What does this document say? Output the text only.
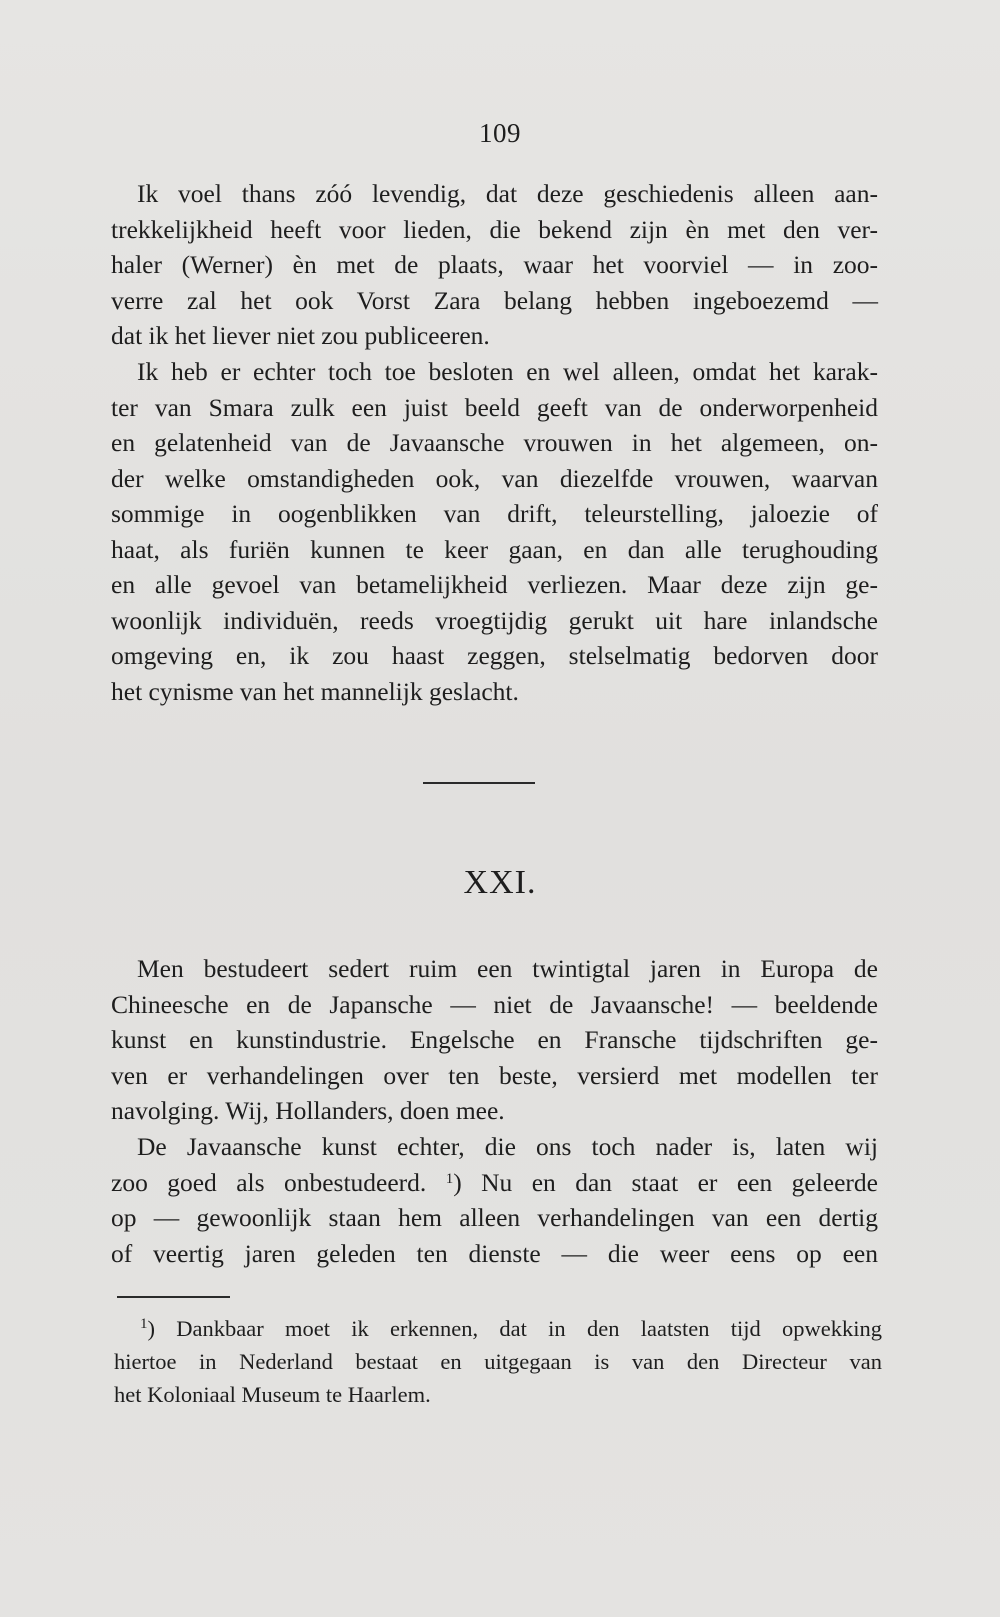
109
Ik voel thans zóó levendig, dat deze geschiedenis alleen aan-
trekkelijkheid heeft voor lieden, die bekend zijn èn met den ver-
haler (Werner) èn met de plaats, waar het voorviel — in zoo-
verre zal het ook Vorst Zara belang hebben ingeboezemd —
dat ik het liever niet zou publiceeren.
Ik heb er echter toch toe besloten en wel alleen, omdat het karak-
ter van Smara zulk een juist beeld geeft van de onderworpenheid
en gelatenheid van de Javaansche vrouwen in het algemeen, on-
der welke omstandigheden ook, van diezelfde vrouwen, waarvan
sommige in oogenblikken van drift, teleurstelling, jaloezie of
haat, als furiën kunnen te keer gaan, en dan alle terughouding
en alle gevoel van betamelijkheid verliezen. Maar deze zijn ge-
woonlijk individuën, reeds vroegtijdig gerukt uit hare inlandsche
omgeving en, ik zou haast zeggen, stelselmatig bedorven door
het cynisme van het mannelijk geslacht.
XXI.
Men bestudeert sedert ruim een twintigtal jaren in Europa de
Chineesche en de Japansche — niet de Javaansche! — beeldende
kunst en kunstindustrie. Engelsche en Fransche tijdschriften ge-
ven er verhandelingen over ten beste, versierd met modellen ter
navolging. Wij, Hollanders, doen mee.
De Javaansche kunst echter, die ons toch nader is, laten wij
zoo goed als onbestudeerd. $^1$) Nu en dan staat er een geleerde
op — gewoonlijk staan hem alleen verhandelingen van een dertig
of veertig jaren geleden ten dienste — die weer eens op een
$^1$) Dankbaar moet ik erkennen, dat in den laatsten tijd opwekking
hiertoe in Nederland bestaat en uitgegaan is van den Directeur van
het Koloniaal Museum te Haarlem.
